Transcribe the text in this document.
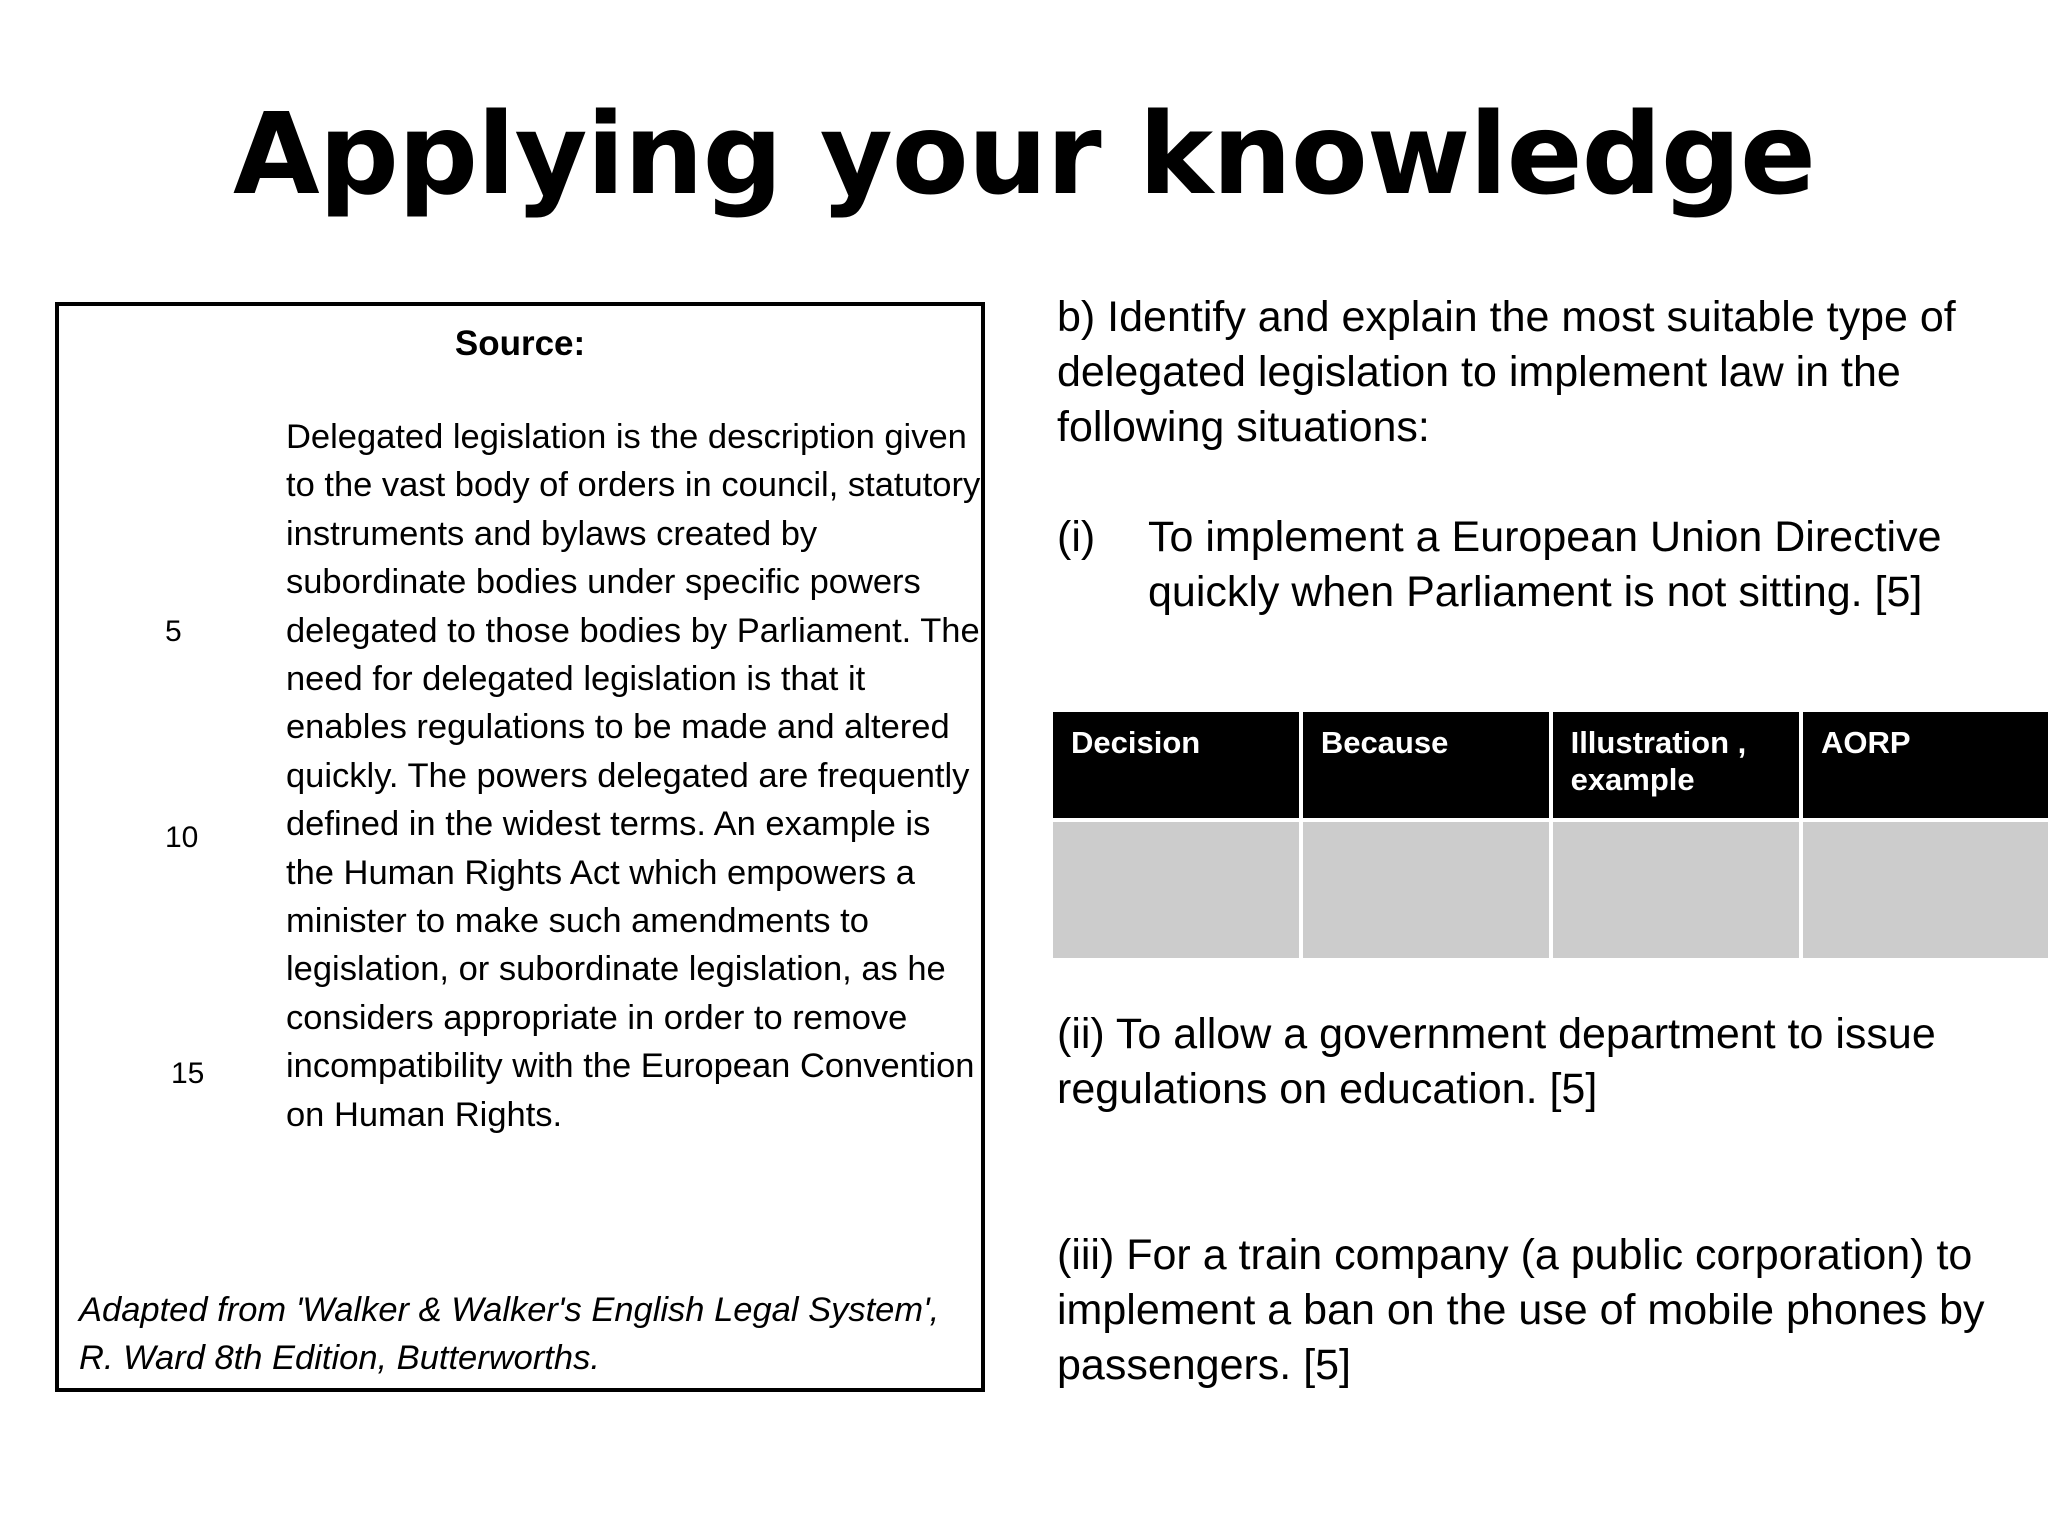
Applying your knowledge
Source:

Delegated legislation is the description given to the vast body of orders in council, statutory instruments and bylaws created by subordinate bodies under specific powers delegated to those bodies by Parliament. The need for delegated legislation is that it enables regulations to be made and altered quickly. The powers delegated are frequently defined in the widest terms. An example is the Human Rights Act which empowers a minister to make such amendments to legislation, or subordinate legislation, as he considers appropriate in order to remove incompatibility with the European Convention on Human Rights.

5
10
15
Adapted from 'Walker & Walker's English Legal System', R. Ward 8th Edition, Butterworths.
b) Identify and explain the most suitable type of delegated legislation to implement law in the following situations:
(i) To implement a European Union Directive quickly when Parliament is not sitting. [5]
Decision	Because	Illustration , example	AORP

(ii) To allow a government department to issue regulations on education. [5]
(iii) For a train company (a public corporation) to implement a ban on the use of mobile phones by passengers. [5]
